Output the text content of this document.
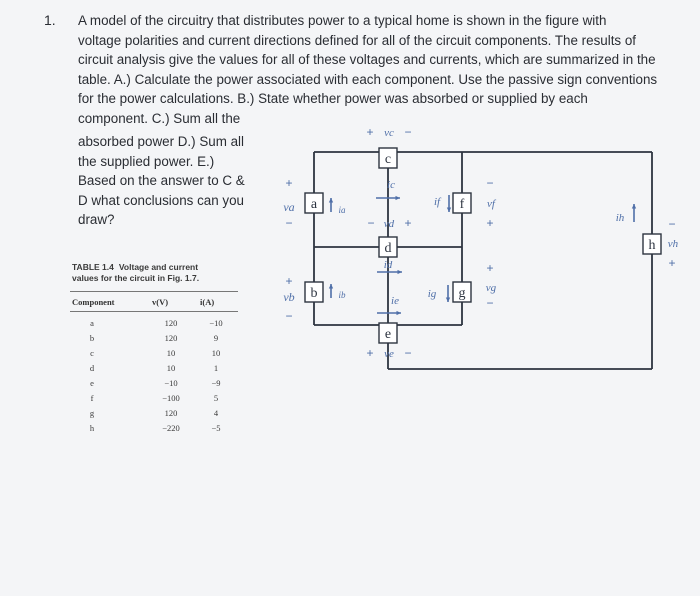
1. A model of the circuitry that distributes power to a typical home is shown in the figure with
voltage polarities and current directions defined for all of the circuit components. The results of
circuit analysis give the values for all of these voltages and currents, which are summarized in the
table. A.) Calculate the power associated with each component. Use the passive sign conventions
for the power calculations. B.) State whether power was absorbed or supplied by each
component. C.) Sum all the
absorbed power D.) Sum all
the supplied power. E.)
Based on the answer to C &
D what conclusions can you
draw?
TABLE 1.4 Voltage and current
values for the circuit in Fig. 1.7.
Component	v(V)	i(A)
a	120	−10
b	120	9
c	10	10
d	10	1
e	−10	−9
f	−100	5
g	120	4
h	−220	−5
a
b
c
d
e
f
g
h
+
va
−
ia
+
vb
−
ib
+ vc −
ic
− vd +
id
ie
+ ve −
if
−
vf
+
ig
+
vg
−
ih	−
vh
+
